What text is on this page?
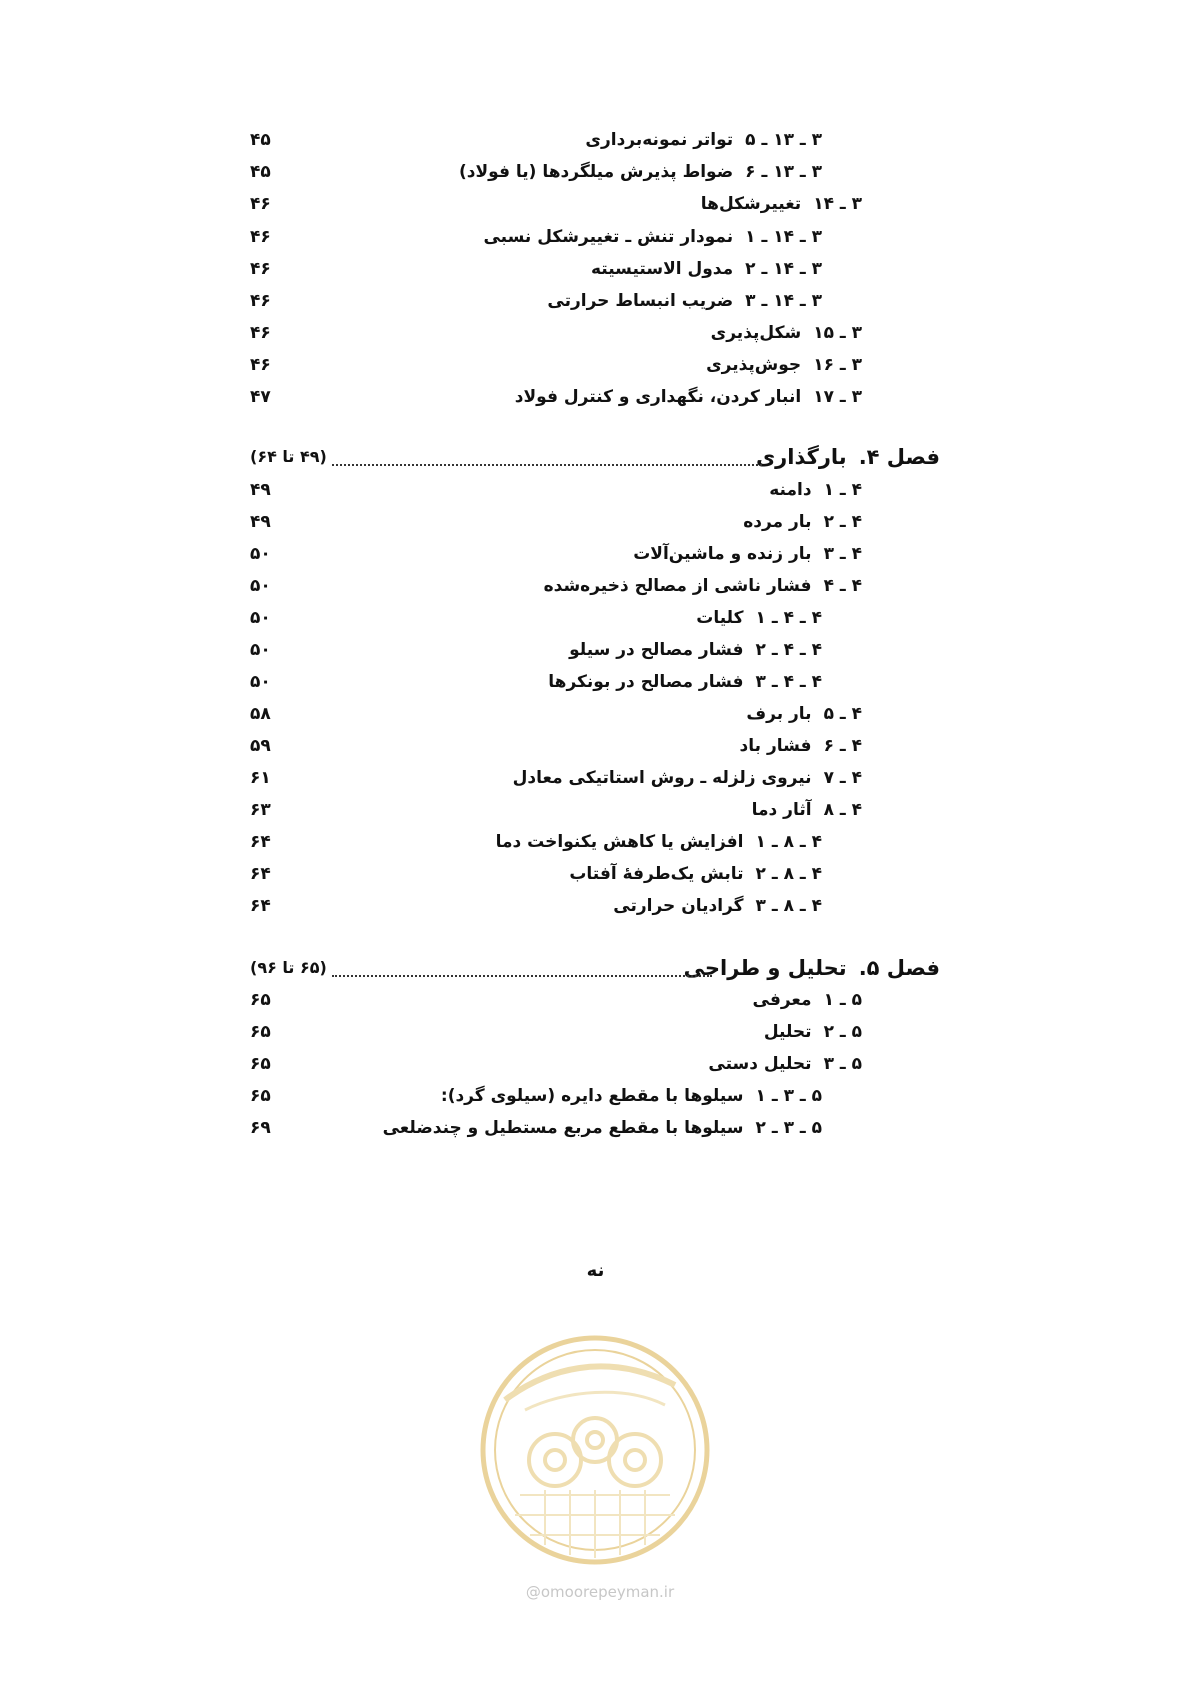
۳ ـ ۱۳ ـ ۵تواتر نمونه‌برداری
۴۵
۳ ـ ۱۳ ـ ۶ضواط پذیرش میلگردها (یا فولاد)
۴۵
۳ ـ ۱۴تغییرشکل‌ها
۴۶
۳ ـ ۱۴ ـ ۱نمودار تنش ـ تغییرشکل نسبی
۴۶
۳ ـ ۱۴ ـ ۲مدول الاستیسیته
۴۶
۳ ـ ۱۴ ـ ۳ضریب انبساط حرارتی
۴۶
۳ ـ ۱۵شکل‌پذیری
۴۶
۳ ـ ۱۶جوش‌پذیری
۴۶
۳ ـ ۱۷انبار کردن، نگهداری و کنترل فولاد
۴۷
فصل ۴.بارگذاری
(۴۹ تا ۶۴)
۴ ـ ۱دامنه
۴۹
۴ ـ ۲بار مرده
۴۹
۴ ـ ۳بار زنده و ماشین‌آلات
۵۰
۴ ـ ۴فشار ناشی از مصالح ذخیره‌شده
۵۰
۴ ـ ۴ ـ ۱کلیات
۵۰
۴ ـ ۴ ـ ۲فشار مصالح در سیلو
۵۰
۴ ـ ۴ ـ ۳فشار مصالح در بونکرها
۵۰
۴ ـ ۵بار برف
۵۸
۴ ـ ۶فشار باد
۵۹
۴ ـ ۷نیروی زلزله ـ روش استاتیکی معادل
۶۱
۴ ـ ۸آثار دما
۶۳
۴ ـ ۸ ـ ۱افزایش یا کاهش یکنواخت دما
۶۴
۴ ـ ۸ ـ ۲تابش یک‌طرفهٔ آفتاب
۶۴
۴ ـ ۸ ـ ۳گرادیان حرارتی
۶۴
فصل ۵.تحلیل و طراحی
(۶۵ تا ۹۶)
۵ ـ ۱معرفی
۶۵
۵ ـ ۲تحلیل
۶۵
۵ ـ ۳تحلیل دستی
۶۵
۵ ـ ۳ ـ ۱سیلوها با مقطع دایره (سیلوی گرد):
۶۵
۵ ـ ۳ ـ ۲سیلوها با مقطع مربع مستطیل و چندضلعی
۶۹
نه
@omoorepeyman.ir
